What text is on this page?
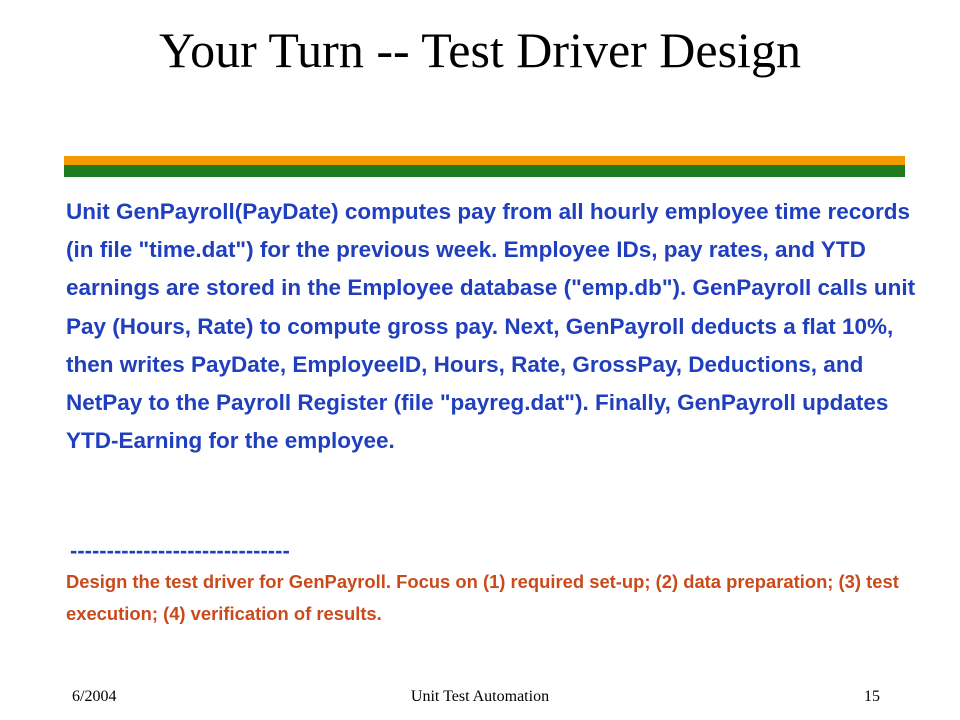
Your Turn -- Test Driver Design

Unit GenPayroll(PayDate) computes pay from all hourly employee time records (in file "time.dat") for the previous week. Employee IDs, pay rates, and YTD earnings are stored in the Employee database ("emp.db"). GenPayroll calls unit Pay (Hours, Rate) to compute gross pay. Next, GenPayroll deducts a flat 10%, then writes PayDate, EmployeeID, Hours, Rate, GrossPay, Deductions, and NetPay to the Payroll Register (file "payreg.dat"). Finally, GenPayroll updates YTD-Earning for the employee.

------------------------------

Design the test driver for GenPayroll. Focus on (1) required set-up; (2) data preparation; (3) test execution; (4) verification of results.

6/2004	Unit Test Automation	15
